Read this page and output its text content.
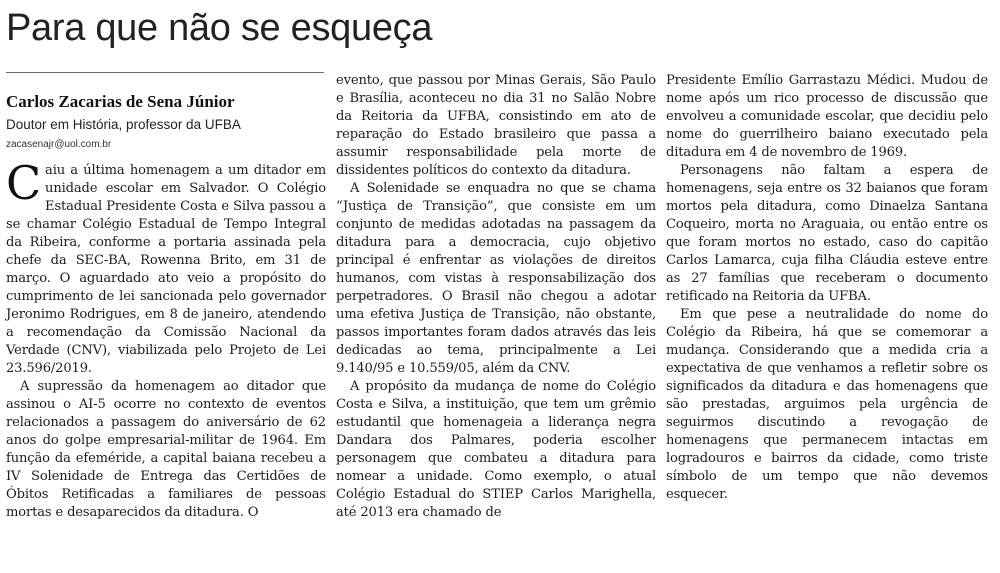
Para que não se esqueça
Carlos Zacarias de Sena Júnior

Doutor em História, professor da UFBA

zacasenajr@uol.com.br

Caiu a última homenagem a um ditador em unidade escolar em Salvador. O Colégio Estadual Presidente Costa e Silva passou a se chamar Colégio Estadual de Tempo Integral da Ribeira, conforme a portaria assinada pela chefe da SEC-BA, Rowenna Brito, em 31 de março. O aguardado ato veio a propósito do cumprimento de lei sancionada pelo governador Jeronimo Rodrigues, em 8 de janeiro, atendendo a recomendação da Comissão Nacional da Verdade (CNV), viabilizada pelo Projeto de Lei 23.596/2019.

A supressão da homenagem ao ditador que assinou o AI-5 ocorre no contexto de eventos relacionados a passagem do aniversário de 62 anos do golpe empresarial-militar de 1964. Em função da efeméride, a capital baiana recebeu a IV Solenidade de Entrega das Certidões de Óbitos Retificadas a familiares de pessoas mortas e desaparecidos da ditadura. O

evento, que passou por Minas Gerais, São Paulo e Brasília, aconteceu no dia 31 no Salão Nobre da Reitoria da UFBA, consistindo em ato de reparação do Estado brasileiro que passa a assumir responsabilidade pela morte de dissidentes políticos do contexto da ditadura.

A Solenidade se enquadra no que se chama “Justiça de Transição”, que consiste em um conjunto de medidas adotadas na passagem da ditadura para a democracia, cujo objetivo principal é enfrentar as violações de direitos humanos, com vistas à responsabilização dos perpetradores. O Brasil não chegou a adotar uma efetiva Justiça de Transição, não obstante, passos importantes foram dados através das leis dedicadas ao tema, principalmente a Lei 9.140/95 e 10.559/05, além da CNV.

A propósito da mudança de nome do Colégio Costa e Silva, a instituição, que tem um grêmio estudantil que homenageia a liderança negra Dandara dos Palmares, poderia escolher personagem que combateu a ditadura para nomear a unidade. Como exemplo, o atual Colégio Estadual do STIEP Carlos Marighella, até 2013 era chamado de

Presidente Emílio Garrastazu Médici. Mudou de nome após um rico processo de discussão que envolveu a comunidade escolar, que decidiu pelo nome do guerrilheiro baiano executado pela ditadura em 4 de novembro de 1969.

Personagens não faltam a espera de homenagens, seja entre os 32 baianos que foram mortos pela ditadura, como Dinaelza Santana Coqueiro, morta no Araguaia, ou então entre os que foram mortos no estado, caso do capitão Carlos Lamarca, cuja filha Cláudia esteve entre as 27 famílias que receberam o documento retificado na Reitoria da UFBA.

Em que pese a neutralidade do nome do Colégio da Ribeira, há que se comemorar a mudança. Considerando que a medida cria a expectativa de que venhamos a refletir sobre os significados da ditadura e das homenagens que são prestadas, arguimos pela urgência de seguirmos discutindo a revogação de homenagens que permanecem intactas em logradouros e bairros da cidade, como triste símbolo de um tempo que não devemos esquecer.
